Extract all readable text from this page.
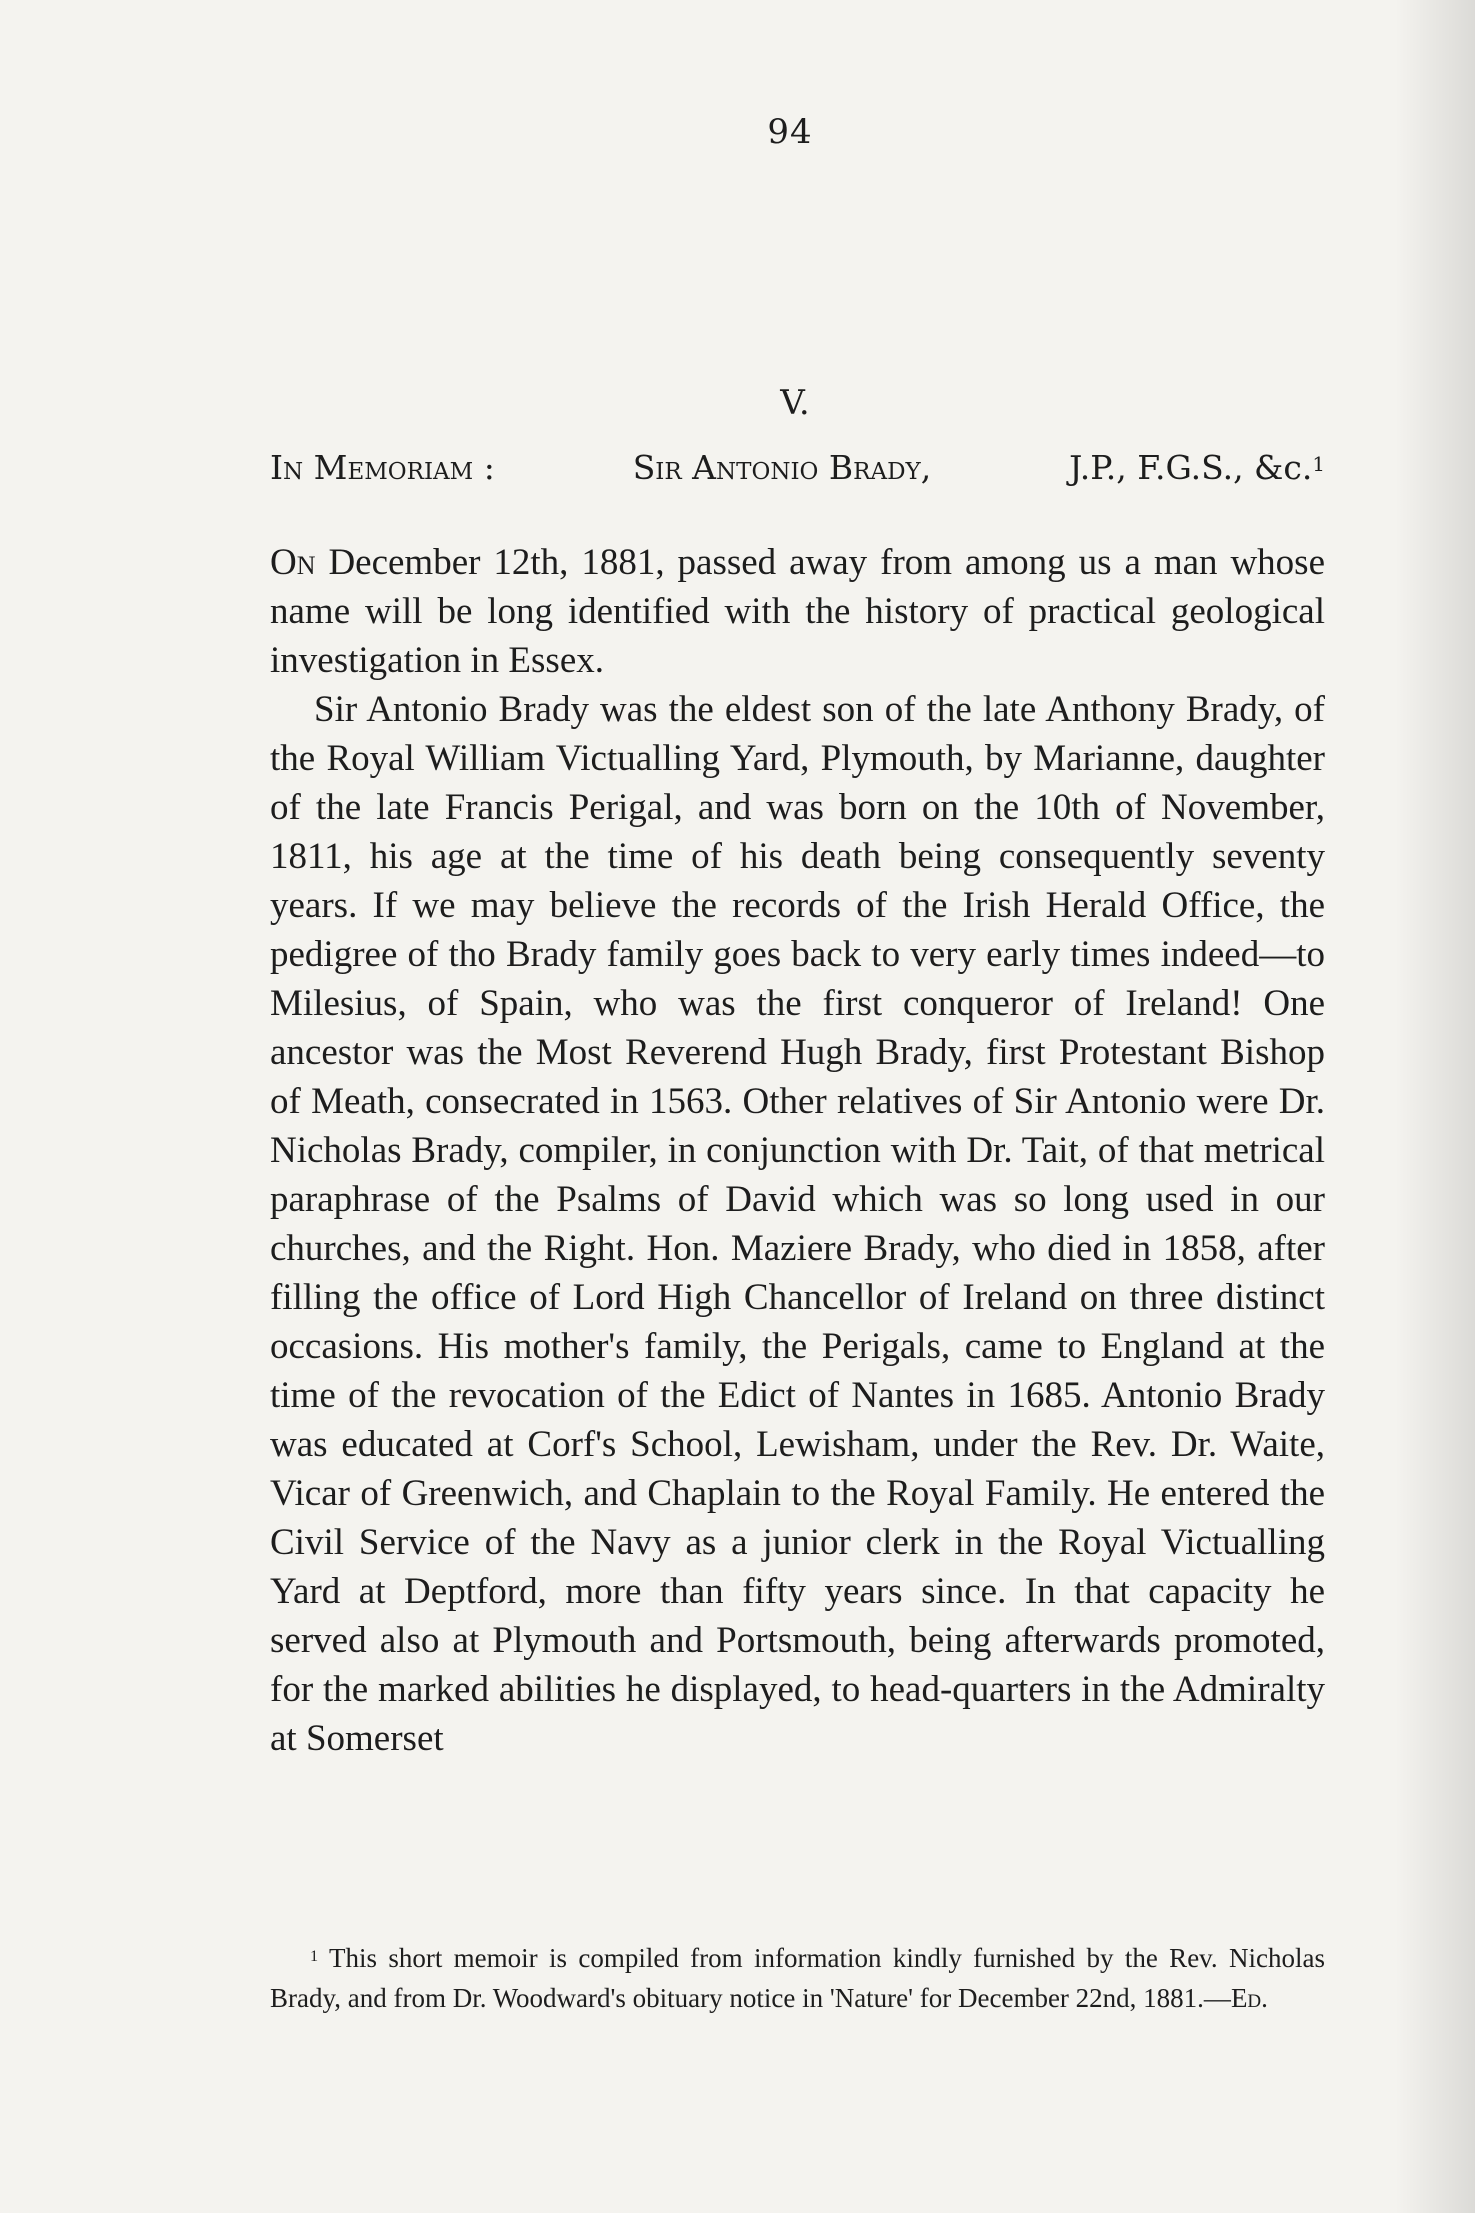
94
V.
In Memoriam :	Sir Antonio Brady,	J.P., F.G.S., &c.$^1$

On December 12th, 1881, passed away from among us a man whose name will be long identified with the history of practical geological investigation in Essex.

Sir Antonio Brady was the eldest son of the late Anthony Brady, of the Royal William Victualling Yard, Plymouth, by Marianne, daughter of the late Francis Perigal, and was born on the 10th of November, 1811, his age at the time of his death being consequently seventy years. If we may believe the records of the Irish Herald Office, the pedigree of tho Brady family goes back to very early times indeed—to Milesius, of Spain, who was the first conqueror of Ireland! One ancestor was the Most Reverend Hugh Brady, first Protestant Bishop of Meath, consecrated in 1563. Other relatives of Sir Antonio were Dr. Nicholas Brady, compiler, in conjunction with Dr. Tait, of that metrical paraphrase of the Psalms of David which was so long used in our churches, and the Right. Hon. Maziere Brady, who died in 1858, after filling the office of Lord High Chancellor of Ireland on three distinct occasions. His mother's family, the Perigals, came to England at the time of the revocation of the Edict of Nantes in 1685. Antonio Brady was educated at Corf's School, Lewisham, under the Rev. Dr. Waite, Vicar of Greenwich, and Chaplain to the Royal Family. He entered the Civil Service of the Navy as a junior clerk in the Royal Victualling Yard at Deptford, more than fifty years since. In that capacity he served also at Plymouth and Portsmouth, being afterwards promoted, for the marked abilities he displayed, to head-quarters in the Admiralty at Somerset

$^1$ This short memoir is compiled from information kindly furnished by the Rev. Nicholas Brady, and from Dr. Woodward's obituary notice in 'Nature' for December 22nd, 1881.—Ed.
